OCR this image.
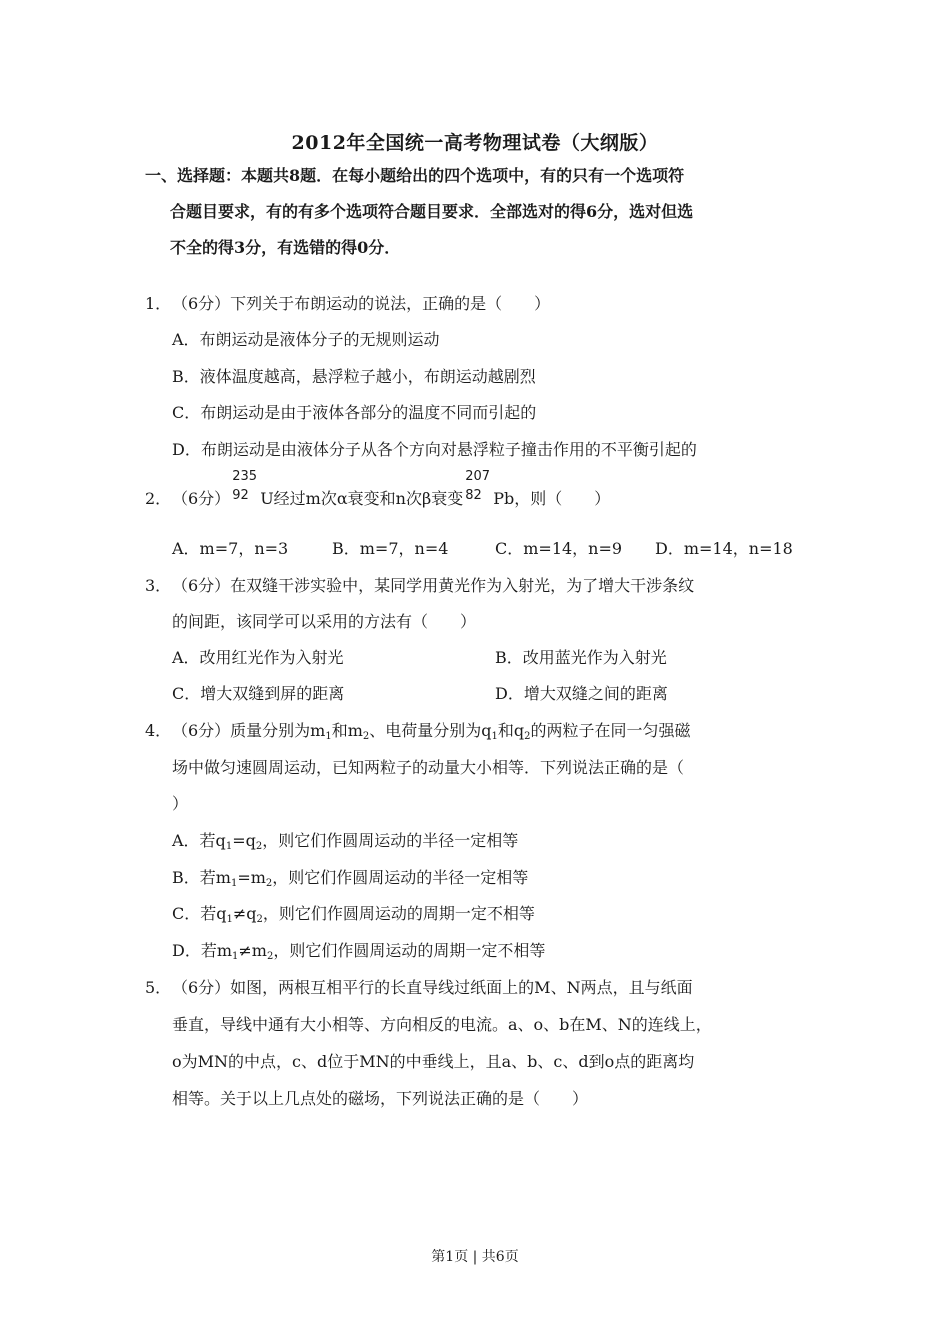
2012年全国统一高考物理试卷（大纲版）
一、选择题：本题共8题．在每小题给出的四个选项中，有的只有一个选项符
合题目要求，有的有多个选项符合题目要求．全部选对的得6分，选对但选
不全的得3分，有选错的得0分．
1． （6分）下列关于布朗运动的说法，正确的是（　　）
A．布朗运动是液体分子的无规则运动
B．液体温度越高，悬浮粒子越小，布朗运动越剧烈
C．布朗运动是由于液体各部分的温度不同而引起的
D．布朗运动是由液体分子从各个方向对悬浮粒子撞击作用的不平衡引起的
2． （6分）
235
92 U经过m次α衰变和n次β衰变
207
82 Pb，则（　　）
A．m=7，n=3	B．m=7，n=4	C．m=14，n=9 D．m=14，n=18
3． （6分）在双缝干涉实验中，某同学用黄光作为入射光，为了增大干涉条纹
的间距，该同学可以采用的方法有（　　）
A．改用红光作为入射光	B．改用蓝光作为入射光
C．增大双缝到屏的距离	D．增大双缝之间的距离
4． （6分）质量分别为$m_1$和$m_2$、电荷量分别为$q_1$和$q_2$的两粒子在同一匀强磁
场中做匀速圆周运动，已知两粒子的动量大小相等．下列说法正确的是（
）
A．若$q_1=q_2$，则它们作圆周运动的半径一定相等
B．若$m_1=m_2$，则它们作圆周运动的半径一定相等
C．若$q_1\ne q_2$，则它们作圆周运动的周期一定不相等
D．若$m_1\ne m_2$，则它们作圆周运动的周期一定不相等
5． （6分）如图，两根互相平行的长直导线过纸面上的M、N两点，且与纸面
垂直，导线中通有大小相等、方向相反的电流。a、o、b在M、N的连线上，
o为MN的中点，c、d位于MN的中垂线上，且a、b、c、d到o点的距离均
相等。关于以上几点处的磁场，下列说法正确的是（　　）
第1页 | 共6页
